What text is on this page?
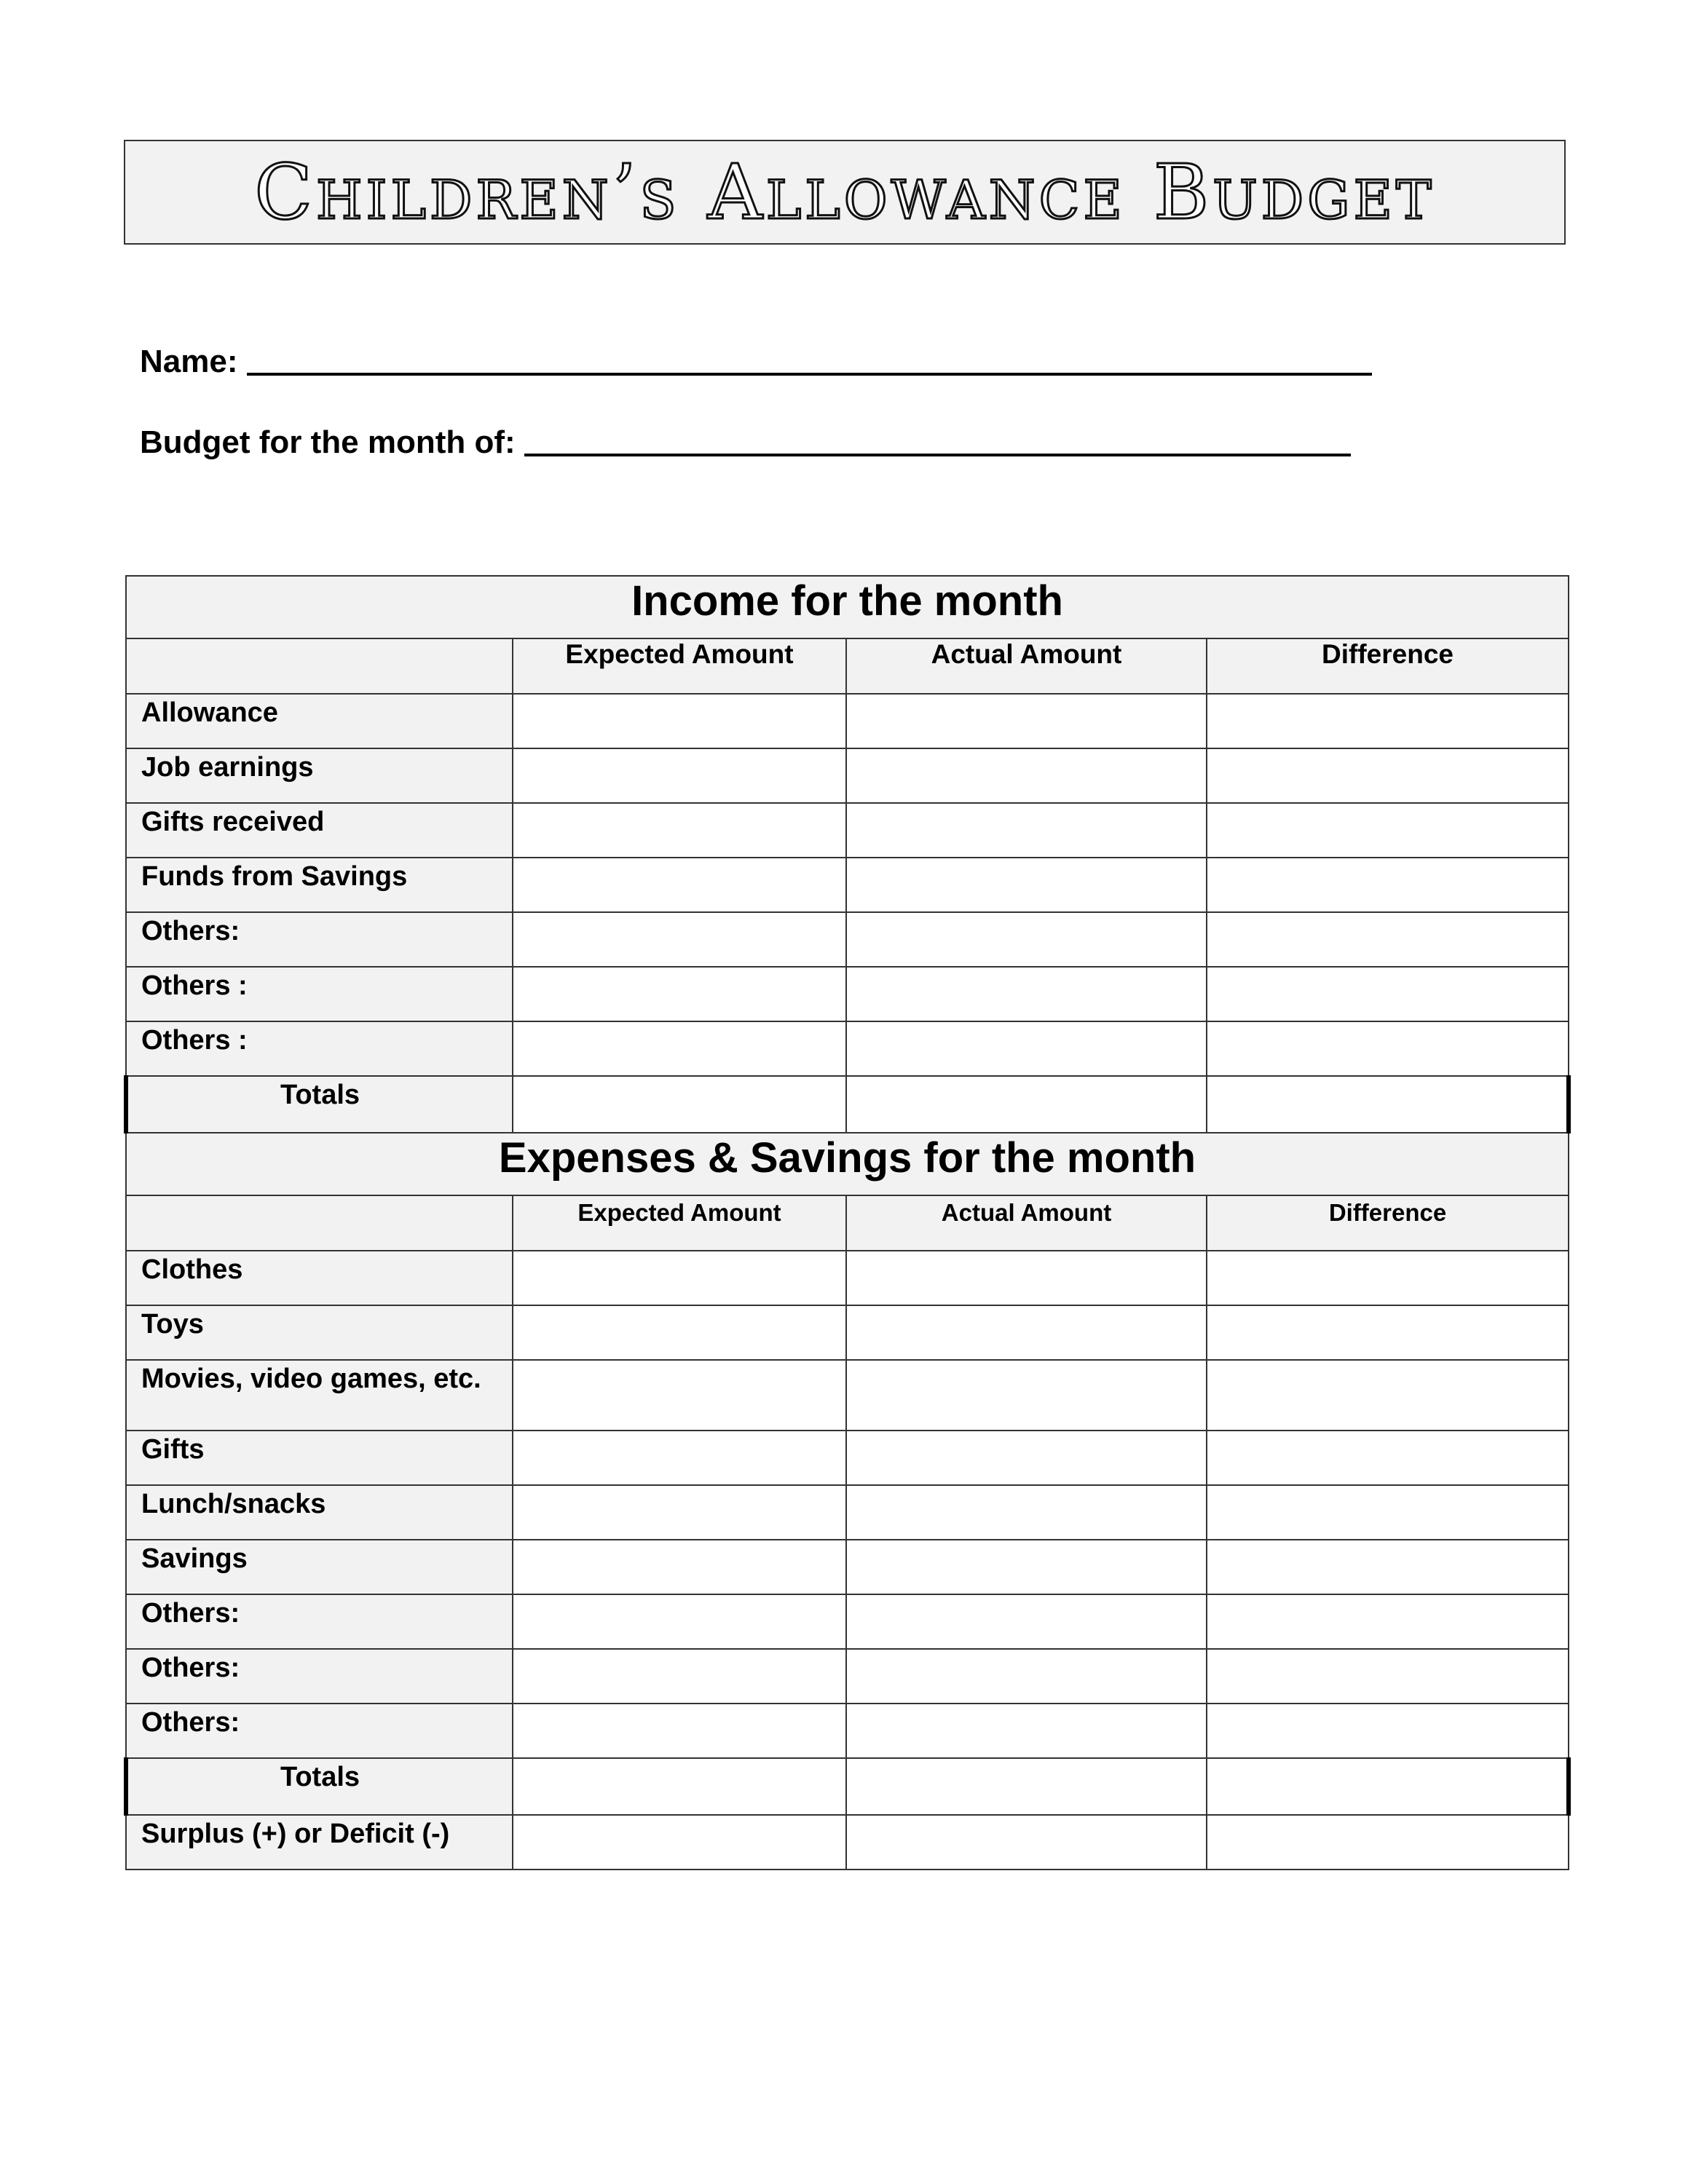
Children’s Allowance Budget
Name:
Budget for the month of:
Income for the month			
	Expected Amount	Actual Amount	Difference
Allowance			
Job earnings			
Gifts received			
Funds from Savings			
Others:			
Others :			
Others :			
Totals			
Expenses & Savings for the month			
	Expected Amount	Actual Amount	Difference
Clothes			
Toys			
Movies, video games, etc.			
Gifts			
Lunch/snacks			
Savings			
Others:			
Others:			
Others:			
Totals			
Surplus (+) or Deficit (-)			
